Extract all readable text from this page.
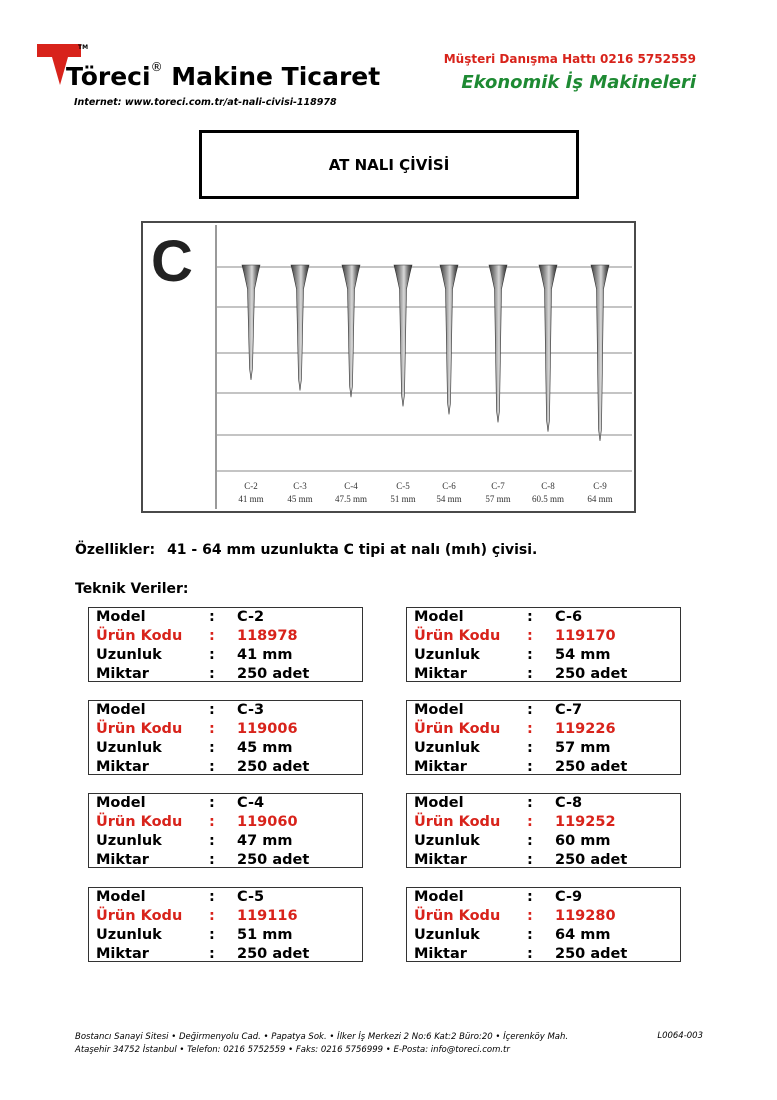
TM
Töreci® Makine Ticaret
Internet: www.toreci.com.tr/at-nali-civisi-118978
Müşteri Danışma Hattı 0216 5752559
Ekonomik İş Makineleri
AT NALI ÇİVİSİ
C
C-2
41 mm
C-3
45 mm
C-4
47.5 mm
C-5
51 mm
C-6
54 mm
C-7
57 mm
C-8
60.5 mm
C-9
64 mm
Özellikler: 41 - 64 mm uzunlukta C tipi at nalı (mıh) çivisi.
Teknik Veriler:
Model	: C-2
Ürün Kodu : 118978
Uzunluk	: 41 mm
Miktar	: 250 adet
Model	: C-3
Ürün Kodu : 119006
Uzunluk	: 45 mm
Miktar	: 250 adet
Model	: C-4
Ürün Kodu : 119060
Uzunluk	: 47 mm
Miktar	: 250 adet
Model	: C-5
Ürün Kodu : 119116
Uzunluk	: 51 mm
Miktar	: 250 adet
Model	: C-6
Ürün Kodu : 119170
Uzunluk	: 54 mm
Miktar	: 250 adet
Model	: C-7
Ürün Kodu : 119226
Uzunluk	: 57 mm
Miktar	: 250 adet
Model	: C-8
Ürün Kodu : 119252
Uzunluk	: 60 mm
Miktar	: 250 adet
Model	: C-9
Ürün Kodu : 119280
Uzunluk	: 64 mm
Miktar	: 250 adet
Bostancı Sanayi Sitesi • Değirmenyolu Cad. • Papatya Sok. • İlker İş Merkezi 2 No:6 Kat:2 Büro:20 • İçerenköy Mah.
Ataşehir 34752 İstanbul • Telefon: 0216 5752559 • Faks: 0216 5756999 • E-Posta: info@toreci.com.tr
L0064-003
